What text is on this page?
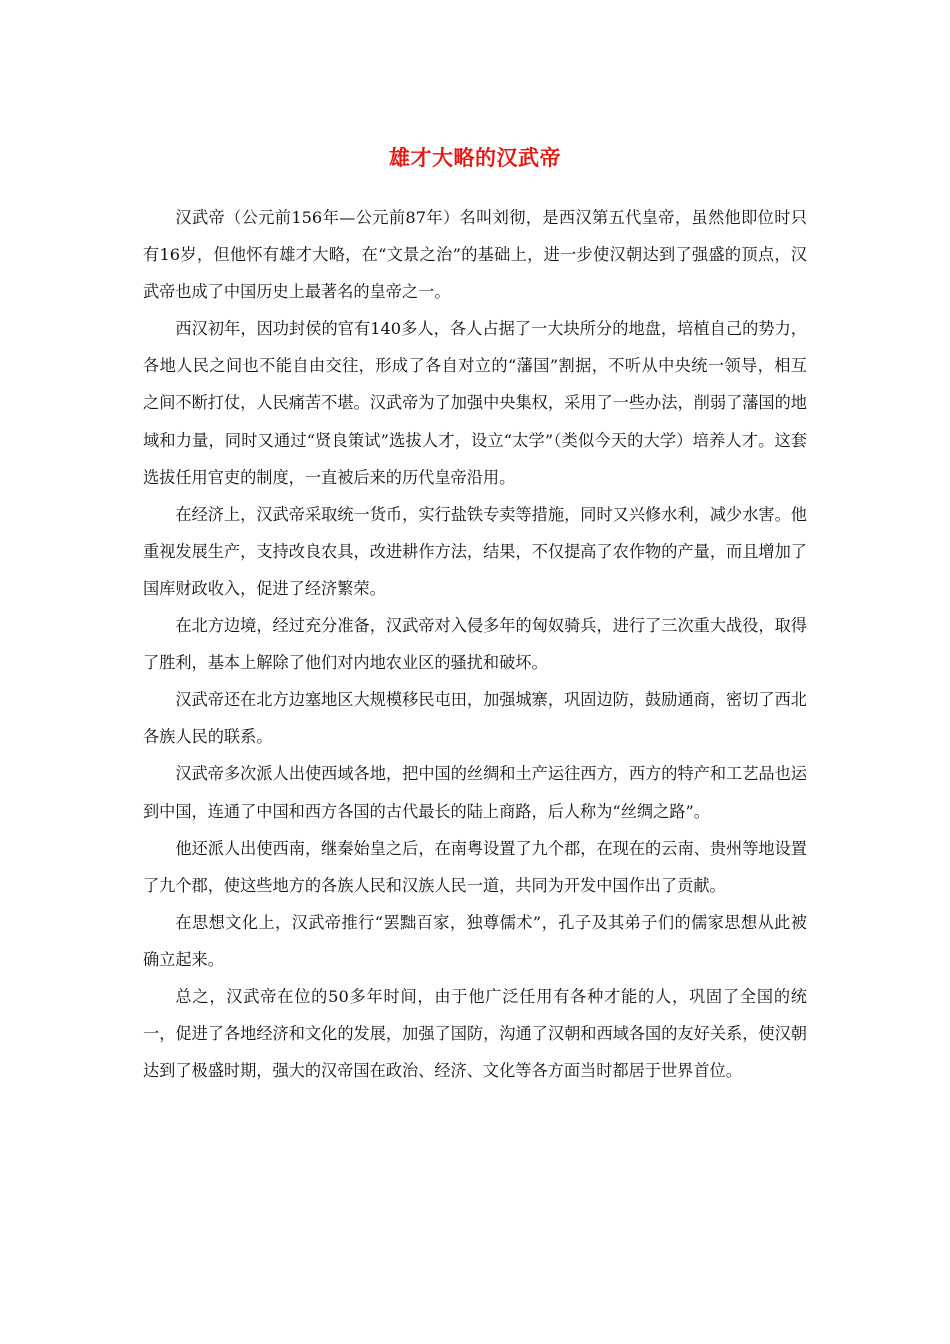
雄才大略的汉武帝

汉武帝（公元前156年—公元前87年）名叫刘彻，是西汉第五代皇帝，虽然他即位时只有16岁，但他怀有雄才大略，在“文景之治”的基础上，进一步使汉朝达到了强盛的顶点，汉武帝也成了中国历史上最著名的皇帝之一。

西汉初年，因功封侯的官有140多人，各人占据了一大块所分的地盘，培植自己的势力，各地人民之间也不能自由交往，形成了各自对立的“藩国”割据，不听从中央统一领导，相互之间不断打仗，人民痛苦不堪。汉武帝为了加强中央集权，采用了一些办法，削弱了藩国的地域和力量，同时又通过“贤良策试”选拔人才，设立“太学”（类似今天的大学）培养人才。这套选拔任用官吏的制度，一直被后来的历代皇帝沿用。

在经济上，汉武帝采取统一货币，实行盐铁专卖等措施，同时又兴修水利，减少水害。他重视发展生产，支持改良农具，改进耕作方法，结果，不仅提高了农作物的产量，而且增加了国库财政收入，促进了经济繁荣。

在北方边境，经过充分准备，汉武帝对入侵多年的匈奴骑兵，进行了三次重大战役，取得了胜利，基本上解除了他们对内地农业区的骚扰和破坏。

汉武帝还在北方边塞地区大规模移民屯田，加强城寨，巩固边防，鼓励通商，密切了西北各族人民的联系。

汉武帝多次派人出使西域各地，把中国的丝绸和土产运往西方，西方的特产和工艺品也运到中国，连通了中国和西方各国的古代最长的陆上商路，后人称为“丝绸之路”。

他还派人出使西南，继秦始皇之后，在南粤设置了九个郡，在现在的云南、贵州等地设置了九个郡，使这些地方的各族人民和汉族人民一道，共同为开发中国作出了贡献。

在思想文化上，汉武帝推行“罢黜百家，独尊儒术”，孔子及其弟子们的儒家思想从此被确立起来。

总之，汉武帝在位的50多年时间，由于他广泛任用有各种才能的人，巩固了全国的统一，促进了各地经济和文化的发展，加强了国防，沟通了汉朝和西域各国的友好关系，使汉朝达到了极盛时期，强大的汉帝国在政治、经济、文化等各方面当时都居于世界首位。
